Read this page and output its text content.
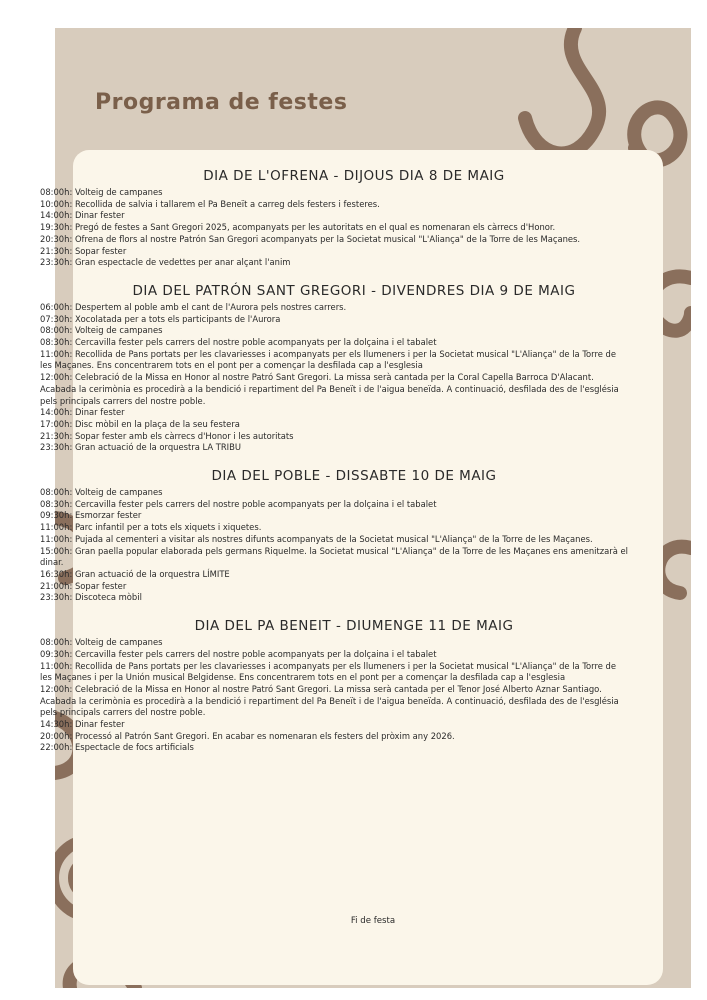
Programa de festes
Fi de festa
DIA DE L'OFRENA - DIJOUS DIA 8 DE MAIG

08:00h: Volteig de campanes

10:00h: Recollida de salvia i tallarem el Pa Beneït a carreg dels festers i festeres.

14:00h: Dinar fester

19:30h: Pregó de festes a Sant Gregori 2025, acompanyats per les autoritats en el qual es nomenaran els càrrecs d'Honor.

20:30h: Ofrena de flors al nostre Patrón San Gregori acompanyats per la Societat musical "L'Aliança" de la Torre de les Maçanes.

21:30h: Sopar fester

23:30h: Gran espectacle de vedettes per anar alçant l'anim

DIA DEL PATRÓN SANT GREGORI - DIVENDRES DIA 9 DE MAIG

06:00h: Despertem al poble amb el cant de l'Aurora pels nostres carrers.

07:30h: Xocolatada per a tots els participants de l'Aurora

08:00h: Volteig de campanes

08:30h: Cercavilla fester pels carrers del nostre poble acompanyats per la dolçaina i el tabalet

11:00h: Recollida de Pans portats per les clavariesses i acompanyats per els llumeners i per la Societat musical "L'Aliança" de la Torre de les Maçanes. Ens concentrarem tots en el pont per a començar la desfilada cap a l'esglesia

12:00h: Celebració de la Missa en Honor al nostre Patró Sant Gregori. La missa serà cantada per la Coral Capella Barroca D'Alacant. Acabada la cerimònia es procedirà a la bendició i repartiment del Pa Beneït i de l'aigua beneïda. A continuació, desfilada des de l'església pels principals carrers del nostre poble.

14:00h: Dinar fester

17:00h: Disc mòbil en la plaça de la seu festera

21:30h: Sopar fester amb els càrrecs d'Honor i les autoritats

23:30h: Gran actuació de la orquestra LA TRIBU

DIA DEL POBLE - DISSABTE 10 DE MAIG

08:00h: Volteig de campanes

08:30h: Cercavilla fester pels carrers del nostre poble acompanyats per la dolçaina i el tabalet

09:30h: Esmorzar fester

11:00h: Parc infantil per a tots els xiquets i xiquetes.

11:00h: Pujada al cementeri a visitar als nostres difunts acompanyats de la Societat musical "L'Aliança" de la Torre de les Maçanes.

15:00h: Gran paella popular elaborada pels germans Riquelme. la Societat musical "L'Aliança" de la Torre de les Maçanes ens amenitzarà el dinar.

16:30h: Gran actuació de la orquestra LÍMITE

21:00h: Sopar fester

23:30h: Discoteca mòbil

DIA DEL PA BENEIT - DIUMENGE 11 DE MAIG

08:00h: Volteig de campanes

09:30h: Cercavilla fester pels carrers del nostre poble acompanyats per la dolçaina i el tabalet

11:00h: Recollida de Pans portats per les clavariesses i acompanyats per els llumeners i per la Societat musical "L'Aliança" de la Torre de les Maçanes i per la Unión musical Belgidense. Ens concentrarem tots en el pont per a començar la desfilada cap a l'esglesia

12:00h: Celebració de la Missa en Honor al nostre Patró Sant Gregori. La missa serà cantada per el Tenor José Alberto Aznar Santiago. Acabada la cerimònia es procedirà a la bendició i repartiment del Pa Beneït i de l'aigua beneïda. A continuació, desfilada des de l'església pels principals carrers del nostre poble.

14:30h: Dinar fester

20:00h: Processó al Patrón Sant Gregori. En acabar es nomenaran els festers del pròxim any 2026.

22:00h: Espectacle de focs artificials
